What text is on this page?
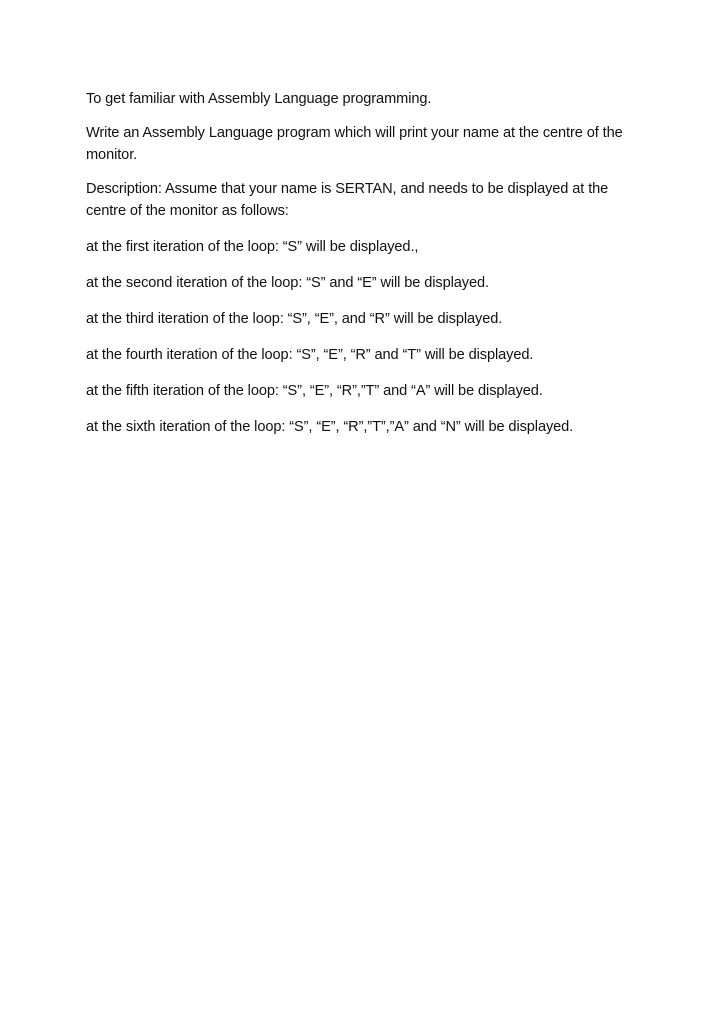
To get familiar with Assembly Language programming.

Write an Assembly Language program which will print your name at the centre of the monitor.

Description: Assume that your name is SERTAN, and needs to be displayed at the centre of the monitor as follows:

at the first iteration of the loop: “S” will be displayed.,

at the second iteration of the loop: “S” and “E” will be displayed.

at the third iteration of the loop: “S”, “E”, and “R” will be displayed.

at the fourth iteration of the loop: “S”, “E”, “R” and “T” will be displayed.

at the fifth iteration of the loop: “S”, “E”, “R”,”T” and “A” will be displayed.

at the sixth iteration of the loop: “S”, “E”, “R”,”T”,”A” and “N” will be displayed.
